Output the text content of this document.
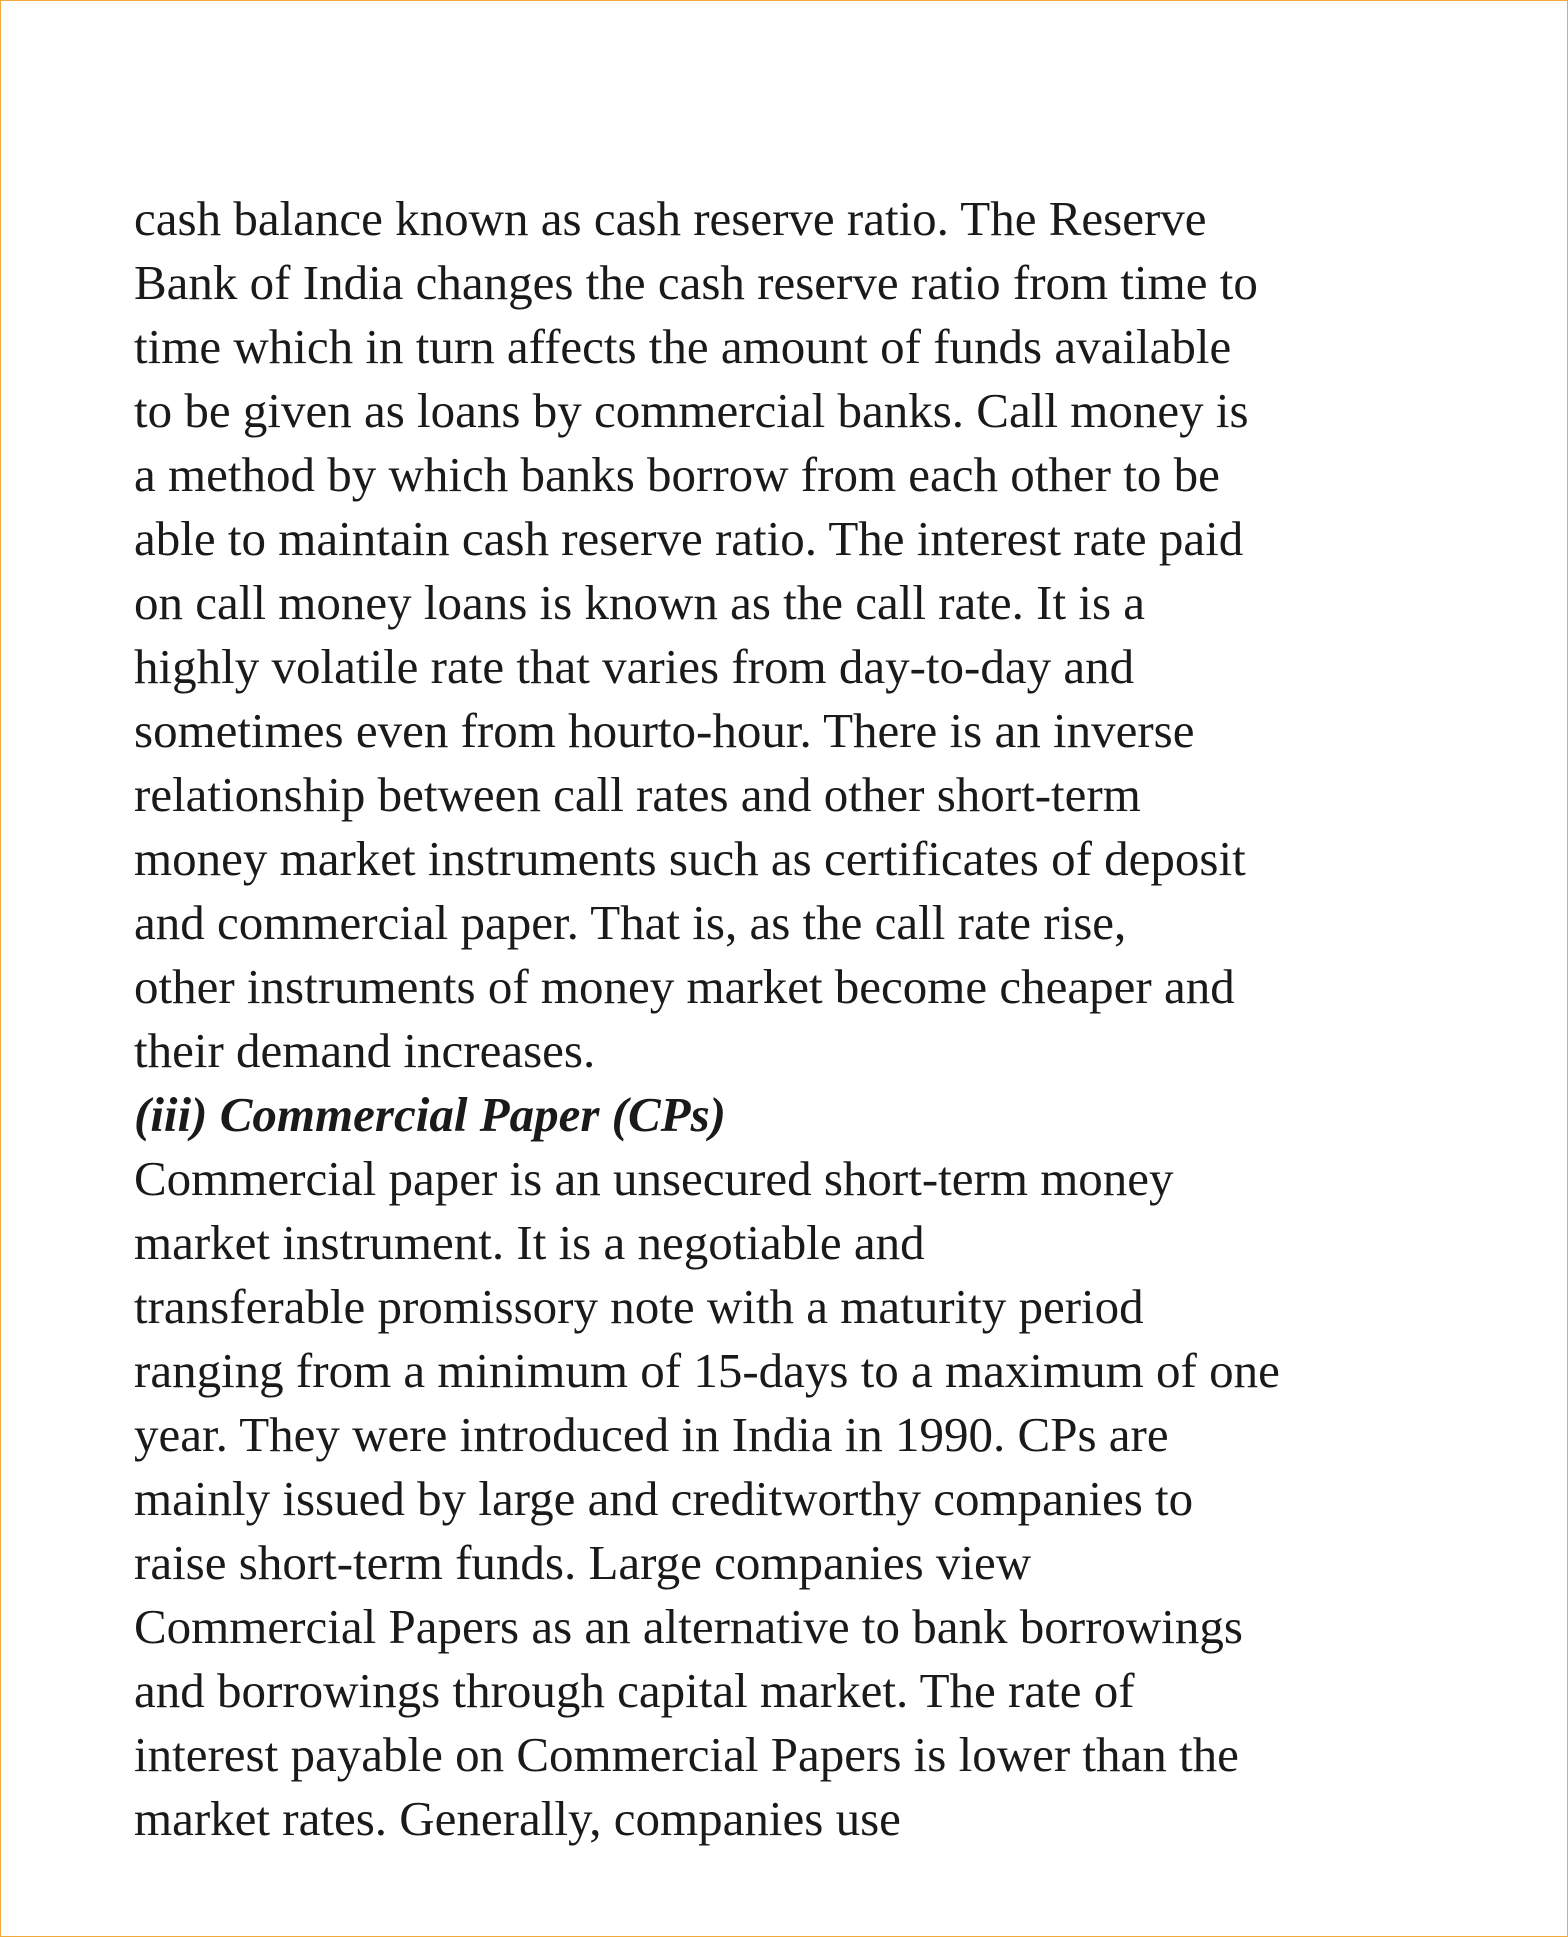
cash balance known as cash reserve ratio. The Reserve
Bank of India changes the cash reserve ratio from time to
time which in turn affects the amount of funds available
to be given as loans by commercial banks. Call money is
a method by which banks borrow from each other to be
able to maintain cash reserve ratio. The interest rate paid
on call money loans is known as the call rate. It is a
highly volatile rate that varies from day-to-day and
sometimes even from hourto-hour. There is an inverse
relationship between call rates and other short-term
money market instruments such as certificates of deposit
and commercial paper. That is, as the call rate rise,
other instruments of money market become cheaper and
their demand increases.
(iii) Commercial Paper (CPs)
Commercial paper is an unsecured short-term money
market instrument. It is a negotiable and
transferable promissory note with a maturity period
ranging from a minimum of 15-days to a maximum of one
year. They were introduced in India in 1990. CPs are
mainly issued by large and creditworthy companies to
raise short-term funds. Large companies view
Commercial Papers as an alternative to bank borrowings
and borrowings through capital market. The rate of
interest payable on Commercial Papers is lower than the
market rates. Generally, companies use
